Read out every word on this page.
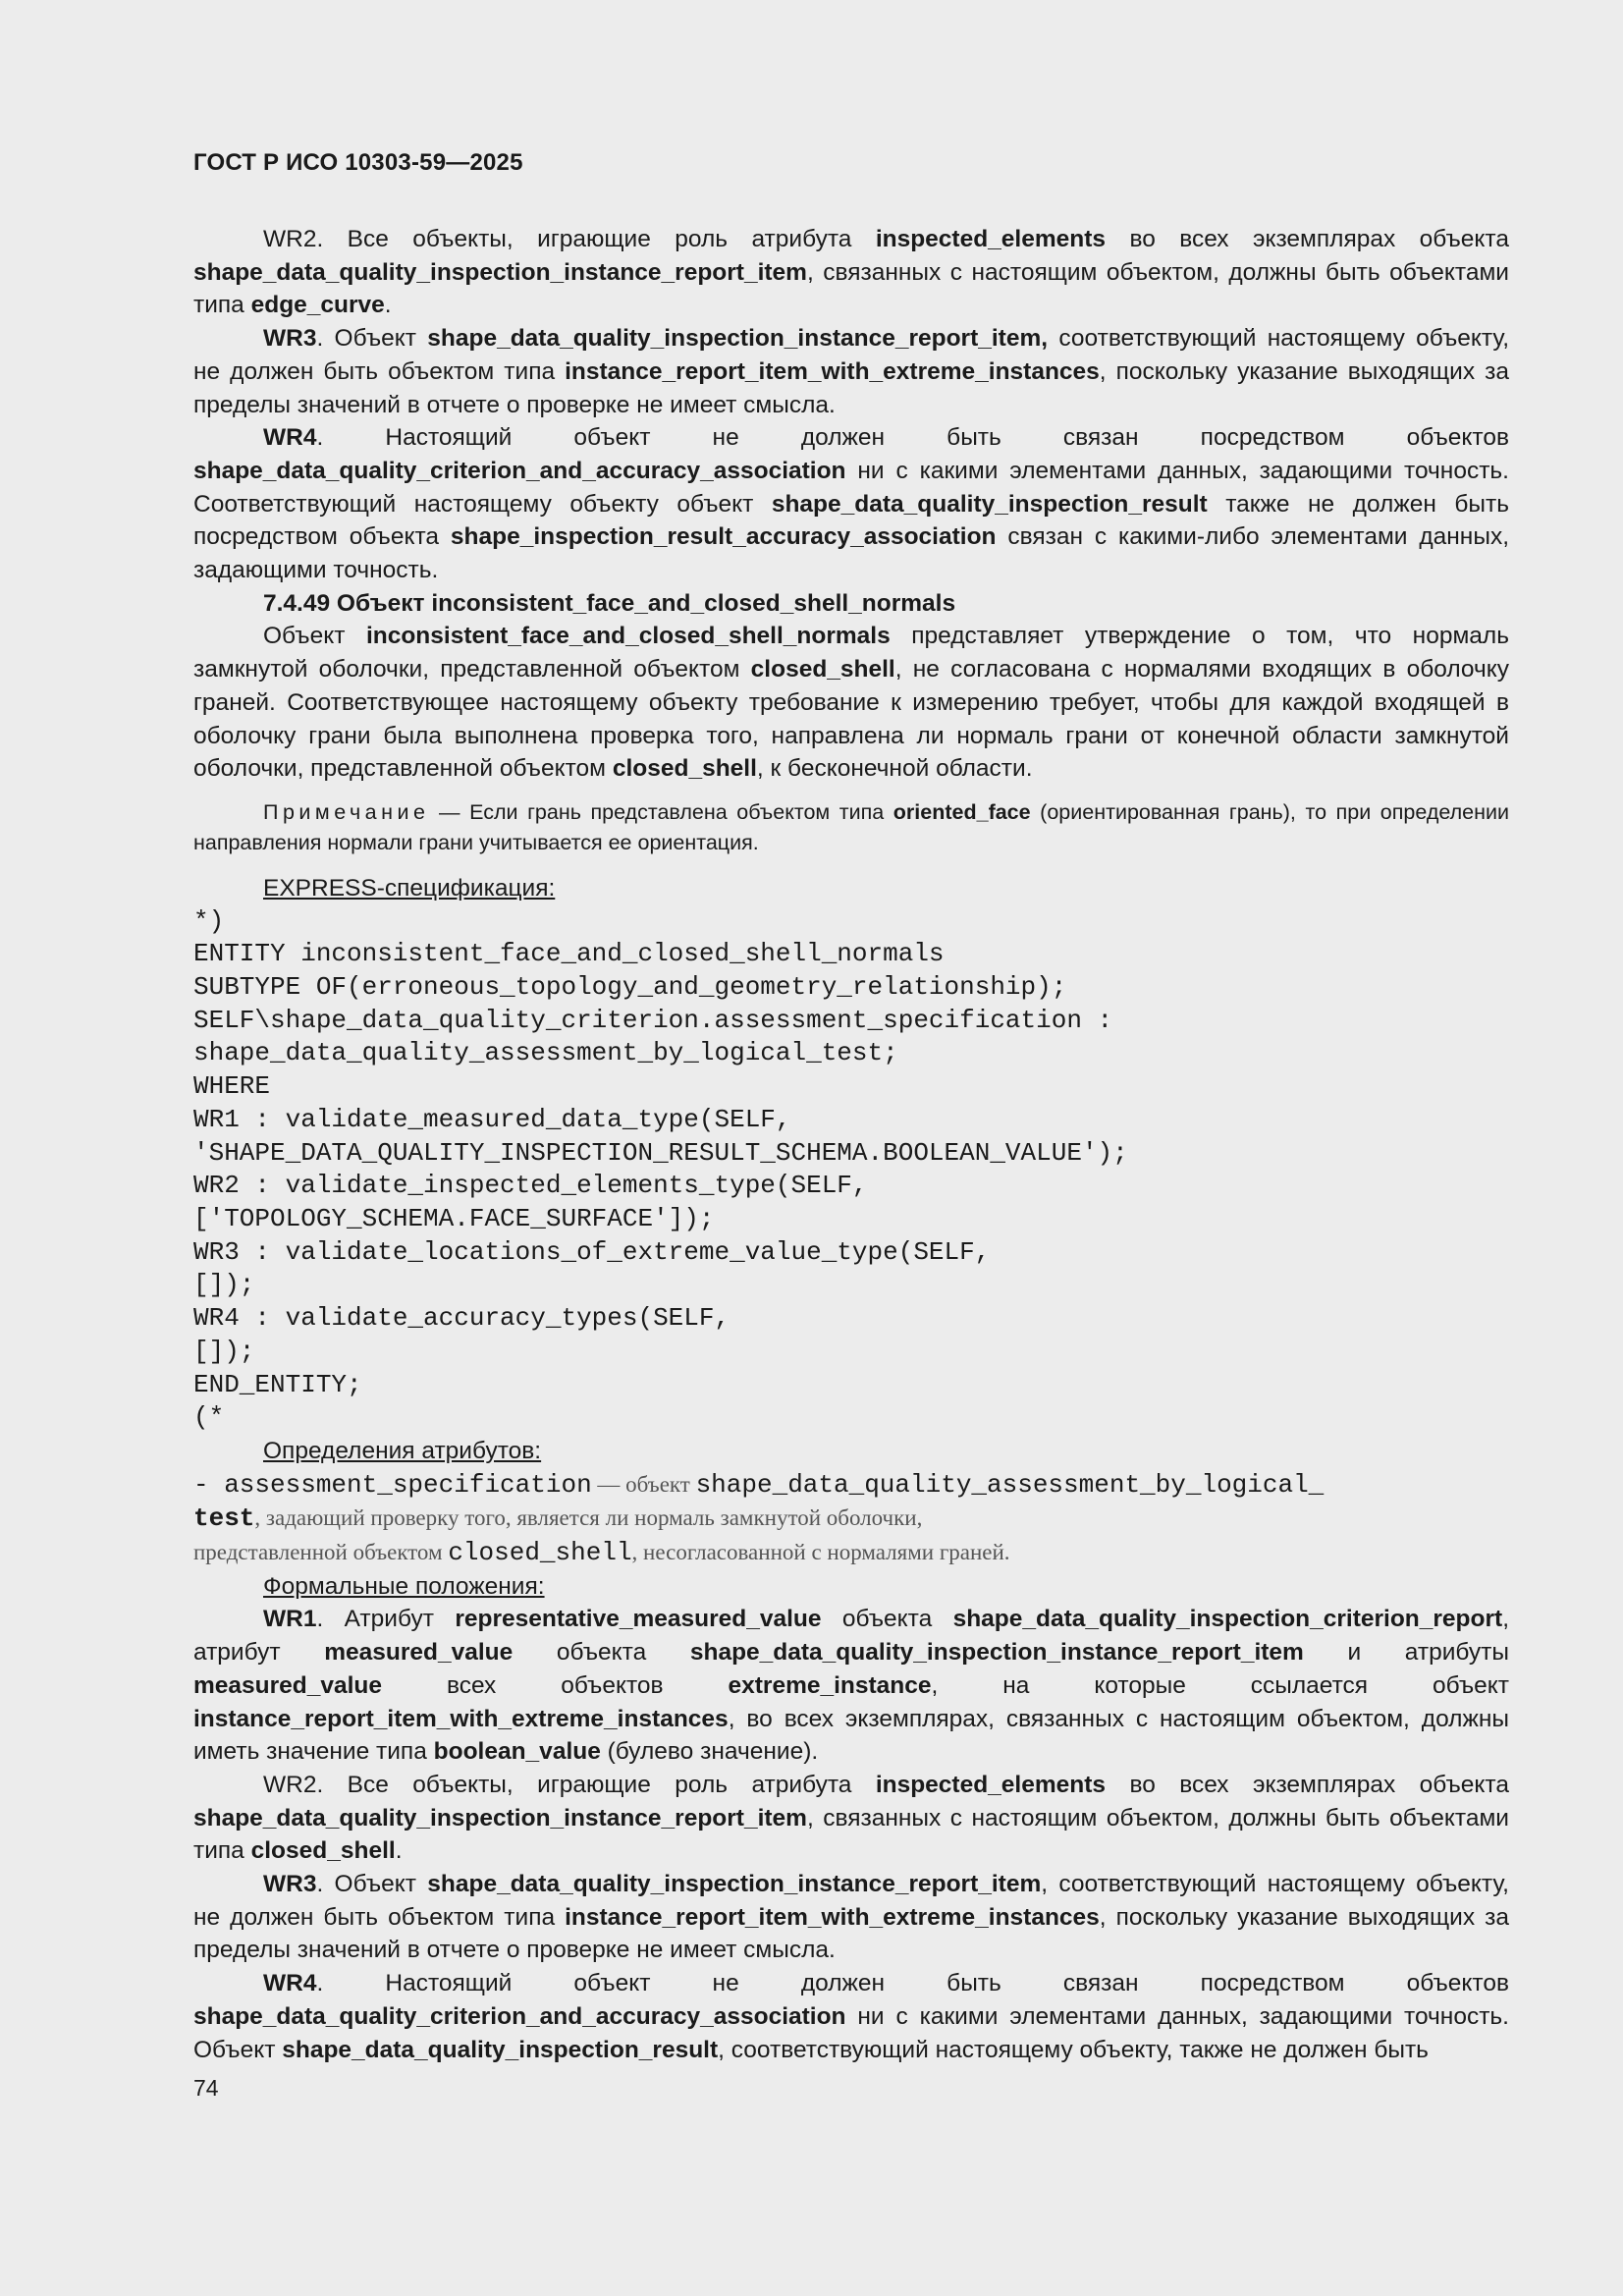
ГОСТ Р ИСО 10303-59—2025

WR2. Все объекты, играющие роль атрибута inspected_elements во всех экземплярах объекта shape_data_quality_inspection_instance_report_item, связанных с настоящим объектом, должны быть объектами типа edge_curve.

WR3. Объект shape_data_quality_inspection_instance_report_item, соответствующий настоящему объекту, не должен быть объектом типа instance_report_item_with_extreme_instances, поскольку указание выходящих за пределы значений в отчете о проверке не имеет смысла.

WR4. Настоящий объект не должен быть связан посредством объектов shape_data_quality_criterion_and_accuracy_association ни с какими элементами данных, задающими точность. Соответствующий настоящему объекту объект shape_data_quality_inspection_result также не должен быть посредством объекта shape_inspection_result_accuracy_association связан с какими-либо элементами данных, задающими точность.

7.4.49 Объект inconsistent_face_and_closed_shell_normals

Объект inconsistent_face_and_closed_shell_normals представляет утверждение о том, что нормаль замкнутой оболочки, представленной объектом closed_shell, не согласована с нормалями входящих в оболочку граней. Соответствующее настоящему объекту требование к измерению требует, чтобы для каждой входящей в оболочку грани была выполнена проверка того, направлена ли нормаль грани от конечной области замкнутой оболочки, представленной объектом closed_shell, к бесконечной области.

Примечание — Если грань представлена объектом типа oriented_face (ориентированная грань), то при определении направления нормали грани учитывается ее ориентация.

EXPRESS-спецификация:

*)
ENTITY inconsistent_face_and_closed_shell_normals
SUBTYPE OF(erroneous_topology_and_geometry_relationship);
SELF\shape_data_quality_criterion.assessment_specification :
shape_data_quality_assessment_by_logical_test;
WHERE
WR1 : validate_measured_data_type(SELF,
'SHAPE_DATA_QUALITY_INSPECTION_RESULT_SCHEMA.BOOLEAN_VALUE');
WR2 : validate_inspected_elements_type(SELF,
['TOPOLOGY_SCHEMA.FACE_SURFACE']);
WR3 : validate_locations_of_extreme_value_type(SELF,
[]);
WR4 : validate_accuracy_types(SELF,
[]);
END_ENTITY;
(*

Определения атрибутов:

- assessment_specification — объект shape_data_quality_assessment_by_logical_
test, задающий проверку того, является ли нормаль замкнутой оболочки,
представленной объектом closed_shell, несогласованной с нормалями граней.

Формальные положения:

WR1. Атрибут representative_measured_value объекта shape_data_quality_inspection_criterion_report, атрибут measured_value объекта shape_data_quality_inspection_instance_report_item и атрибуты measured_value всех объектов extreme_instance, на которые ссылается объект instance_report_item_with_extreme_instances, во всех экземплярах, связанных с настоящим объектом, должны иметь значение типа boolean_value (булево значение).

WR2. Все объекты, играющие роль атрибута inspected_elements во всех экземплярах объекта shape_data_quality_inspection_instance_report_item, связанных с настоящим объектом, должны быть объектами типа closed_shell.

WR3. Объект shape_data_quality_inspection_instance_report_item, соответствующий настоящему объекту, не должен быть объектом типа instance_report_item_with_extreme_instances, поскольку указание выходящих за пределы значений в отчете о проверке не имеет смысла.

WR4. Настоящий объект не должен быть связан посредством объектов shape_data_quality_criterion_and_accuracy_association ни с какими элементами данных, задающими точность. Объект shape_data_quality_inspection_result, соответствующий настоящему объекту, также не должен быть

74
